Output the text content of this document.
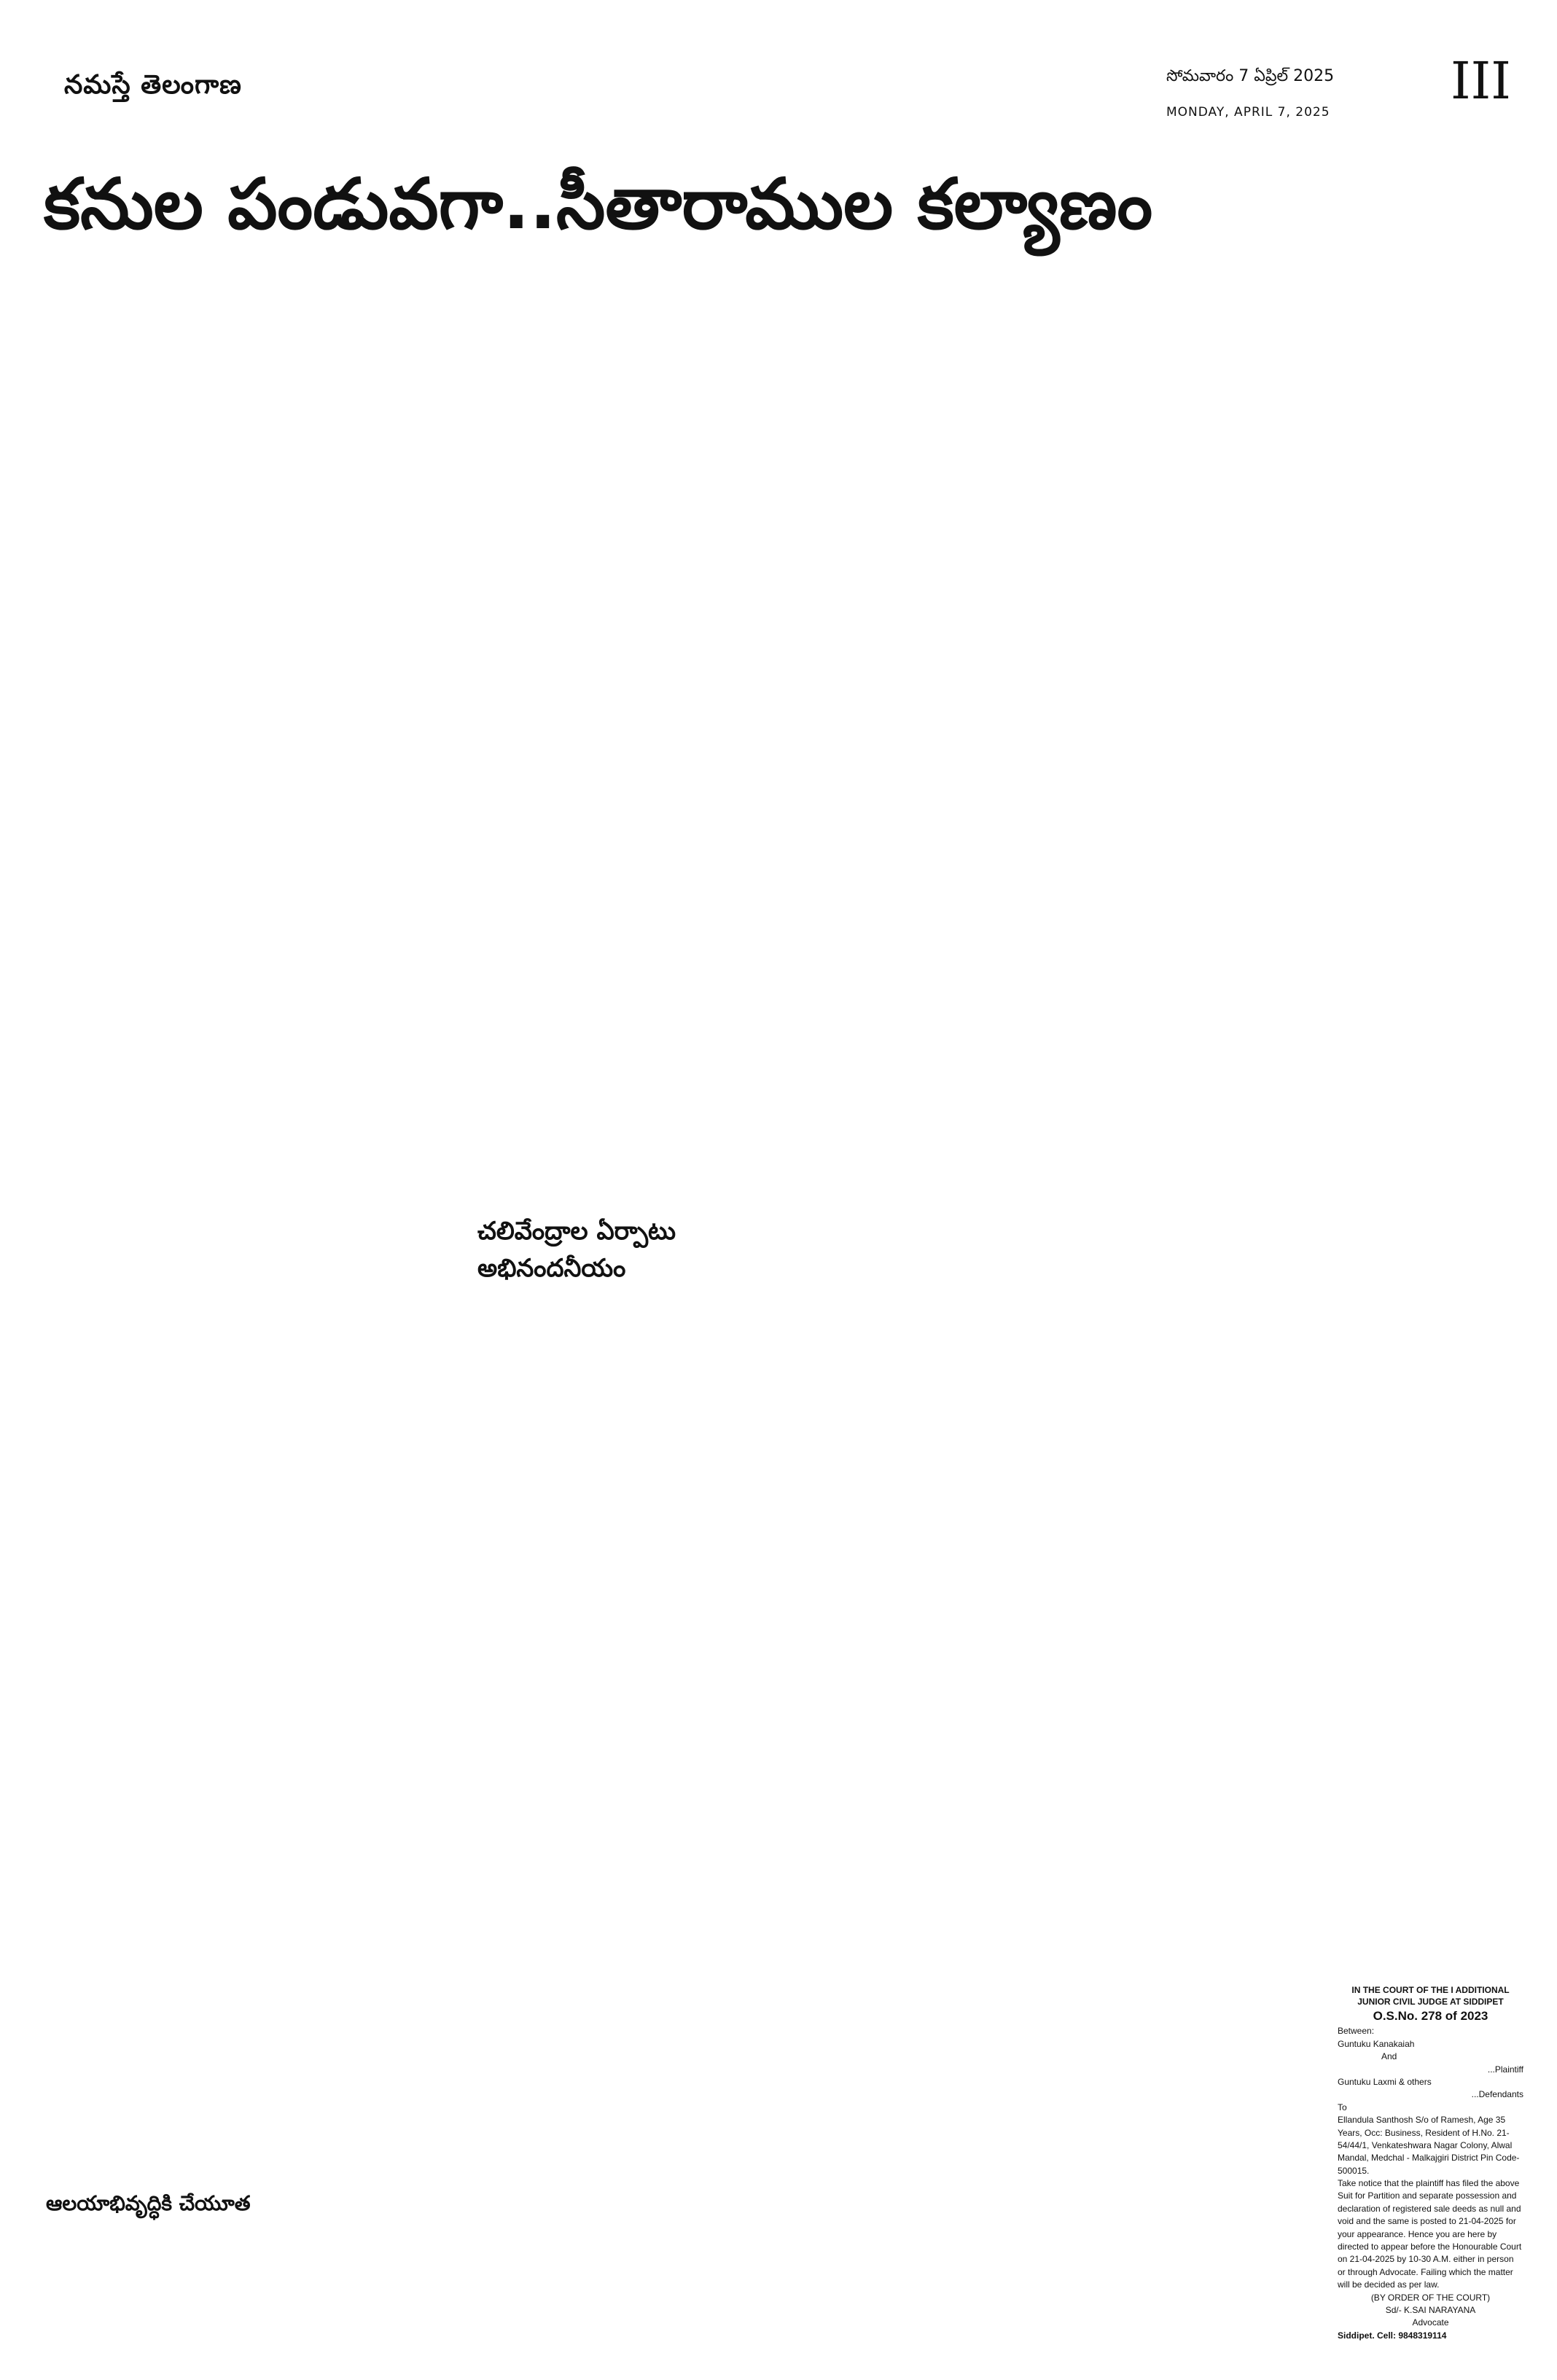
నమస్తే తెలంగాణ	సోమవారం 7 ఏప్రిల్ 2025
MONDAY, APRIL 7, 2025
III
కనుల పండువగా..సీతారాముల కల్యాణం
చలివేంద్రాల ఏర్పాటు
అభినందనీయం
ఆలయాభివృద్ధికి చేయూత
IN THE COURT OF THE I ADDITIONAL JUNIOR CIVIL JUDGE AT SIDDIPET
O.S.No. 278 of 2023
Between:
Guntuku Kanakaiah
And
...Plaintiff
Guntuku Laxmi & others
...Defendants
To
Ellandula Santhosh S/o of Ramesh, Age 35 Years, Occ: Business, Resident of H.No. 21-54/44/1, Venkateshwara Nagar Colony, Alwal Mandal, Medchal - Malkajgiri District Pin Code-500015.
Take notice that the plaintiff has filed the above Suit for Partition and separate possession and declaration of registered sale deeds as null and void and the same is posted to 21-04-2025 for your appearance. Hence you are here by directed to appear before the Honourable Court on 21-04-2025 by 10-30 A.M. either in person or through Advocate. Failing which the matter will be decided as per law.
(BY ORDER OF THE COURT)
Sd/- K.SAI NARAYANA
Advocate
Siddipet. Cell: 9848319114
